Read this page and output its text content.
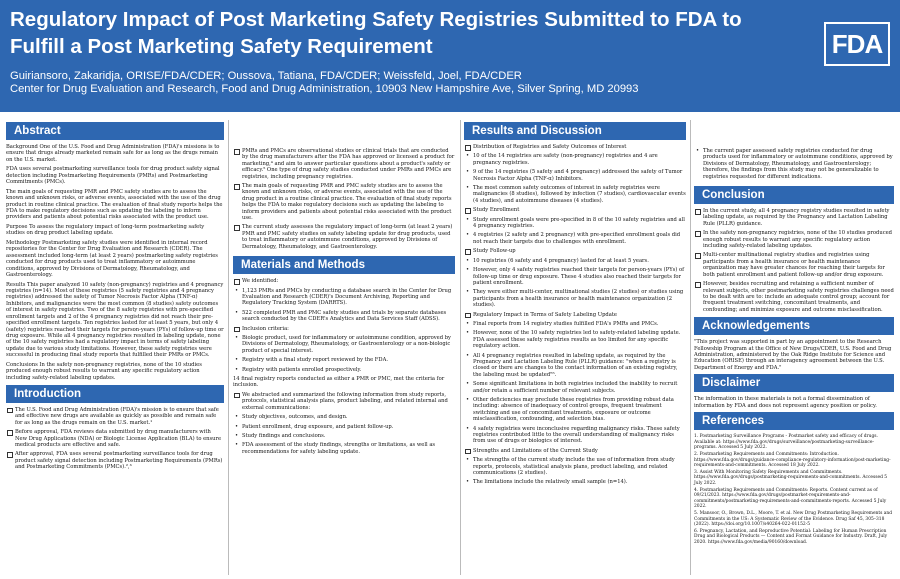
Regulatory Impact of Post Marketing Safety Registries Submitted to FDA to Fulfill a Post Marketing Safety Requirement
Guiriansoro, Zakaridja, ORISE/FDA/CDER; Oussova, Tatiana, FDA/CDER; Weissfeld, Joel, FDA/CDER
Center for Drug Evaluation and Research, Food and Drug Administration, 10903 New Hampshire Ave, Silver Spring, MD 20993
FDA
Abstract

Background One of the U.S. Food and Drug Administration (FDA)'s missions is to ensure that drugs already marketed remain safe for as long as the drugs remain on the U.S. market.

FDA uses several postmarketing surveillance tools for drug product safety signal detection including Postmarketing Requirements (PMRs) and Postmarketing Commitments (PMCs).

The main goals of requesting PMR and PMC safety studies are to assess the known and unknown risks, or adverse events, associated with the use of the drug product in routine clinical practice. The evaluation of final study reports helps the FDA to make regulatory decisions such as updating the labeling to inform providers and patients about potential risks associated with the product use.

Purpose To assess the regulatory impact of long-term postmarketing safety studies on drug product labeling update.

Methodology Postmarketing safety studies were identified in internal record repositories for the Center for Drug Evaluation and Research (CDER). The assessment included long-term (at least 2 years) postmarketing safety registries conducted for drug products used to treat inflammatory or autoimmune conditions, approved by Divisions of Dermatology, Rheumatology, and Gastroenterology.

Results This paper analyzed 10 safety (non-pregnancy) registries and 4 pregnancy registries (n=14). Most of these registries (5 safety registries and 4 pregnancy registries) addressed the safety of Tumor Necrosis Factor Alpha (TNF-α) Inhibitors, and malignancies were the most common (8 studies) safety outcomes of interest in safety registries. Two of the 8 safety registries with pre-specified enrollment targets and 2 of the 4 pregnancy registries did not reach their pre-specified enrollment targets. Ten registries lasted for at least 5 years, but only 4 (safety) registries reached their targets for person-years (PYs) of follow-up time or drug exposure. While all 4 pregnancy registries resulted in labeling update, none of the 10 safety registries had a regulatory impact in terms of safety labeling update due to various study limitations. However, these safety registries were successful in producing final study reports that fulfilled their PMRs or PMCs.

Conclusions In the safety non-pregnancy registries, none of the 10 studies produced enough robust results to warrant any specific regulatory action including safety-related labeling updates.

Introduction
The U.S. Food and Drug Administration (FDA)'s mission is to ensure that safe and effective new drugs are available as quickly as possible and remain safe for as long as the drugs remain on the U.S. market.¹
Before approval, FDA reviews data submitted by drug manufacturers with New Drug Applications (NDA) or Biologic License Application (BLA) to ensure medical products are effective and safe.
After approval, FDA uses several postmarketing surveillance tools for drug product safety signal detection including Postmarketing Requirements (PMRs) and Postmarketing Commitments (PMCs).²,³
PMRs and PMCs are observational studies or clinical trials that are conducted by the drug manufacturers after the FDA has approved or licensed a product for marketing,⁴ and aim to answer particular questions about a product's safety or efficacy.⁵ One type of drug safety studies conducted under PMRs and PMCs are registries, including pregnancy registries.
The main goals of requesting PMR and PMC safety studies are to assess the known and unknown risks, or adverse events, associated with the use of the drug product in a routine clinical practice. The evaluation of final study reports helps the FDA to make regulatory decisions such as updating the labeling to inform providers and patients about potential risks associated with the product use.
The current study assesses the regulatory impact of long-term (at least 2 years) PMR and PMC safety studies on safety labeling update for drug products, used to treat inflammatory or autoimmune conditions, approved by Divisions of Dermatology, Rheumatology, and Gastroenterology.
Materials and Methods
We identified:
• 1,123 PMRs and PMCs by conducting a database search in the Center for Drug Evaluation and Research (CDER)'s Document Archiving, Reporting and Regulatory Tracking System (DARRTS).
• 522 completed PMR and PMC safety studies and trials by separate databases search conducted by the CDER's Analytics and Data Services Staff (ADSS).
Inclusion criteria:
• Biologic product, used for inflammatory or autoimmune condition, approved by Divisions of Dermatology, Rheumatology, or Gastroenterology or a non-biologic product of special interest.
• Registry with a final study report reviewed by the FDA.
• Registry with patients enrolled prospectively.

14 final registry reports conducted as either a PMR or PMC, met the criteria for inclusion.

We abstracted and summarized the following information from study reports, protocols, statistical analysis plans, product labeling, and related internal and external communications:
• Study objectives, outcomes, and design.
• Patient enrollment, drug exposure, and patient follow-up.
• Study findings and conclusions.
• FDA assessment of the study findings, strengths or limitations, as well as recommendations for safety labeling update.
Results and Discussion
Distribution of Registries and Safety Outcomes of Interest
• 10 of the 14 registries are safety (non-pregnancy) registries and 4 are pregnancy registries.
• 9 of the 14 registries (5 safety and 4 pregnancy) addressed the safety of Tumor Necrosis Factor Alpha (TNF-α) Inhibitors.
• The most common safety outcomes of interest in safety registries were malignancies (8 studies), followed by infection (7 studies), cardiovascular events (4 studies), and autoimmune diseases (4 studies).
Study Enrollment
• Study enrollment goals were pre-specified in 8 of the 10 safety registries and all 4 pregnancy registries.
• 4 registries (2 safety and 2 pregnancy) with pre-specified enrollment goals did not reach their targets due to challenges with enrollment.
Study Follow-up
• 10 registries (6 safety and 4 pregnancy) lasted for at least 5 years.
• However, only 4 safety registries reached their targets for person-years (PYs) of follow-up time or drug exposure. These 4 studies also reached their targets for patient enrollment.
• They were either multi-center, multinational studies (2 studies) or studies using participants from a health insurance or health maintenance organization (2 studies).
Regulatory Impact in Terms of Safety Labeling Update
• Final reports from 14 registry studies fulfilled FDA's PMRs and PMCs.
• However, none of the 10 safety registries led to safety-related labeling update. FDA assessed these safety registries results as too limited for any specific regulatory action.
• All 4 pregnancy registries resulted in labeling update, as required by the Pregnancy and Lactation Labeling Rule (PLLR) guidance: "when a registry is closed or there are changes to the contact information of an existing registry, the labeling must be updated"⁶.
• Some significant limitations in both registries included the inability to recruit and/or retain a sufficient number of relevant subjects.
• Other deficiencies may preclude these registries from providing robust data including: absence of inadequacy of control groups, frequent treatment switching and use of concomitant treatments, exposure or outcome misclassification, confounding, and selection bias.
• 4 safety registries were inconclusive regarding malignancy risks. These safety registries contributed little to the overall understanding of malignancy risks from use of drugs or biologics of interest.
Strengths and Limitations of the Current Study
• The strengths of the current study include the use of information from study reports, protocols, statistical analysis plans, product labeling, and related communications (2 studies).
• The limitations include the relatively small sample (n=14).
• The current paper assessed safety registries conducted for drug products used for inflammatory or autoimmune conditions, approved by Divisions of Dermatology, Rheumatology, and Gastroenterology; therefore, the findings from this study may not be generalizable to registries requested for different indications.
Conclusion
In the current study, all 4 pregnancy registry studies resulted in safety labeling update, as required by the Pregnancy and Lactation Labeling Rule (PLLR) guidance.
In the safety non-pregnancy registries, none of the 10 studies produced enough robust results to warrant any specific regulatory action including safety-related labeling updates.
Multi-center multinational registry studies and registries using participants from a health insurance or health maintenance organization may have greater chances for reaching their targets for both patient enrollment and patient follow-up and/or drug exposure.
However, besides recruiting and retaining a sufficient number of relevant subjects, other postmarketing safety registries challenges need to be dealt with are to: include an adequate control group; account for frequent treatment switching, concomitant treatments, and confounding; and minimize exposure and outcome misclassification.
Acknowledgements

"This project was supported in part by an appointment to the Research Fellowship Program at the Office of New Drugs/CDER, U.S. Food and Drug Administration, administered by the Oak Ridge Institute for Science and Education (ORISE) through an interagency agreement between the U.S. Department of Energy and FDA."

Disclaimer

The information in these materials is not a formal dissemination of information by FDA and does not represent agency position or policy.

References
1. Postmarketing Surveillance Programs - Postmarket safety and efficacy of drugs. Available at: https://www.fda.gov/drugs/surveillance/postmarketing-surveillance-programs. Accessed 5 July 2022.
2. Postmarketing Requirements and Commitments: Introduction. https://www.fda.gov/drugs/guidance-compliance-regulatory-information/post-marketing-requirements-and-commitments. Accessed 18 July 2022.
3. Assist With Monitoring Safety Requirements and Commitments. https://www.fda.gov/drugs/postmarketing-requirements-and-commitments. Accessed 5 July 2022.
4. Postmarketing Requirements and Commitments: Reports. Content current as of 09/21/2023. https://www.fda.gov/drugs/postmarket-requirements-and-commitments/postmarketing-requirements-and-commitments-reports. Accessed 5 July 2022.
5. Mansoor, O., Brown, D.L., Moore, T. et al. New Drug Postmarketing Requirements and Commitments in the US: A Systematic Review of the Evidence. Drug Saf 45, 305–318 (2022). https://doi.org/10.1007/s40264-022-01152-5
6. Pregnancy, Lactation, and Reproductive Potential: Labeling for Human Prescription Drug and Biological Products — Content and Format Guidance for Industry. Draft, July 2020. https://www.fda.gov/media/90160/download.
